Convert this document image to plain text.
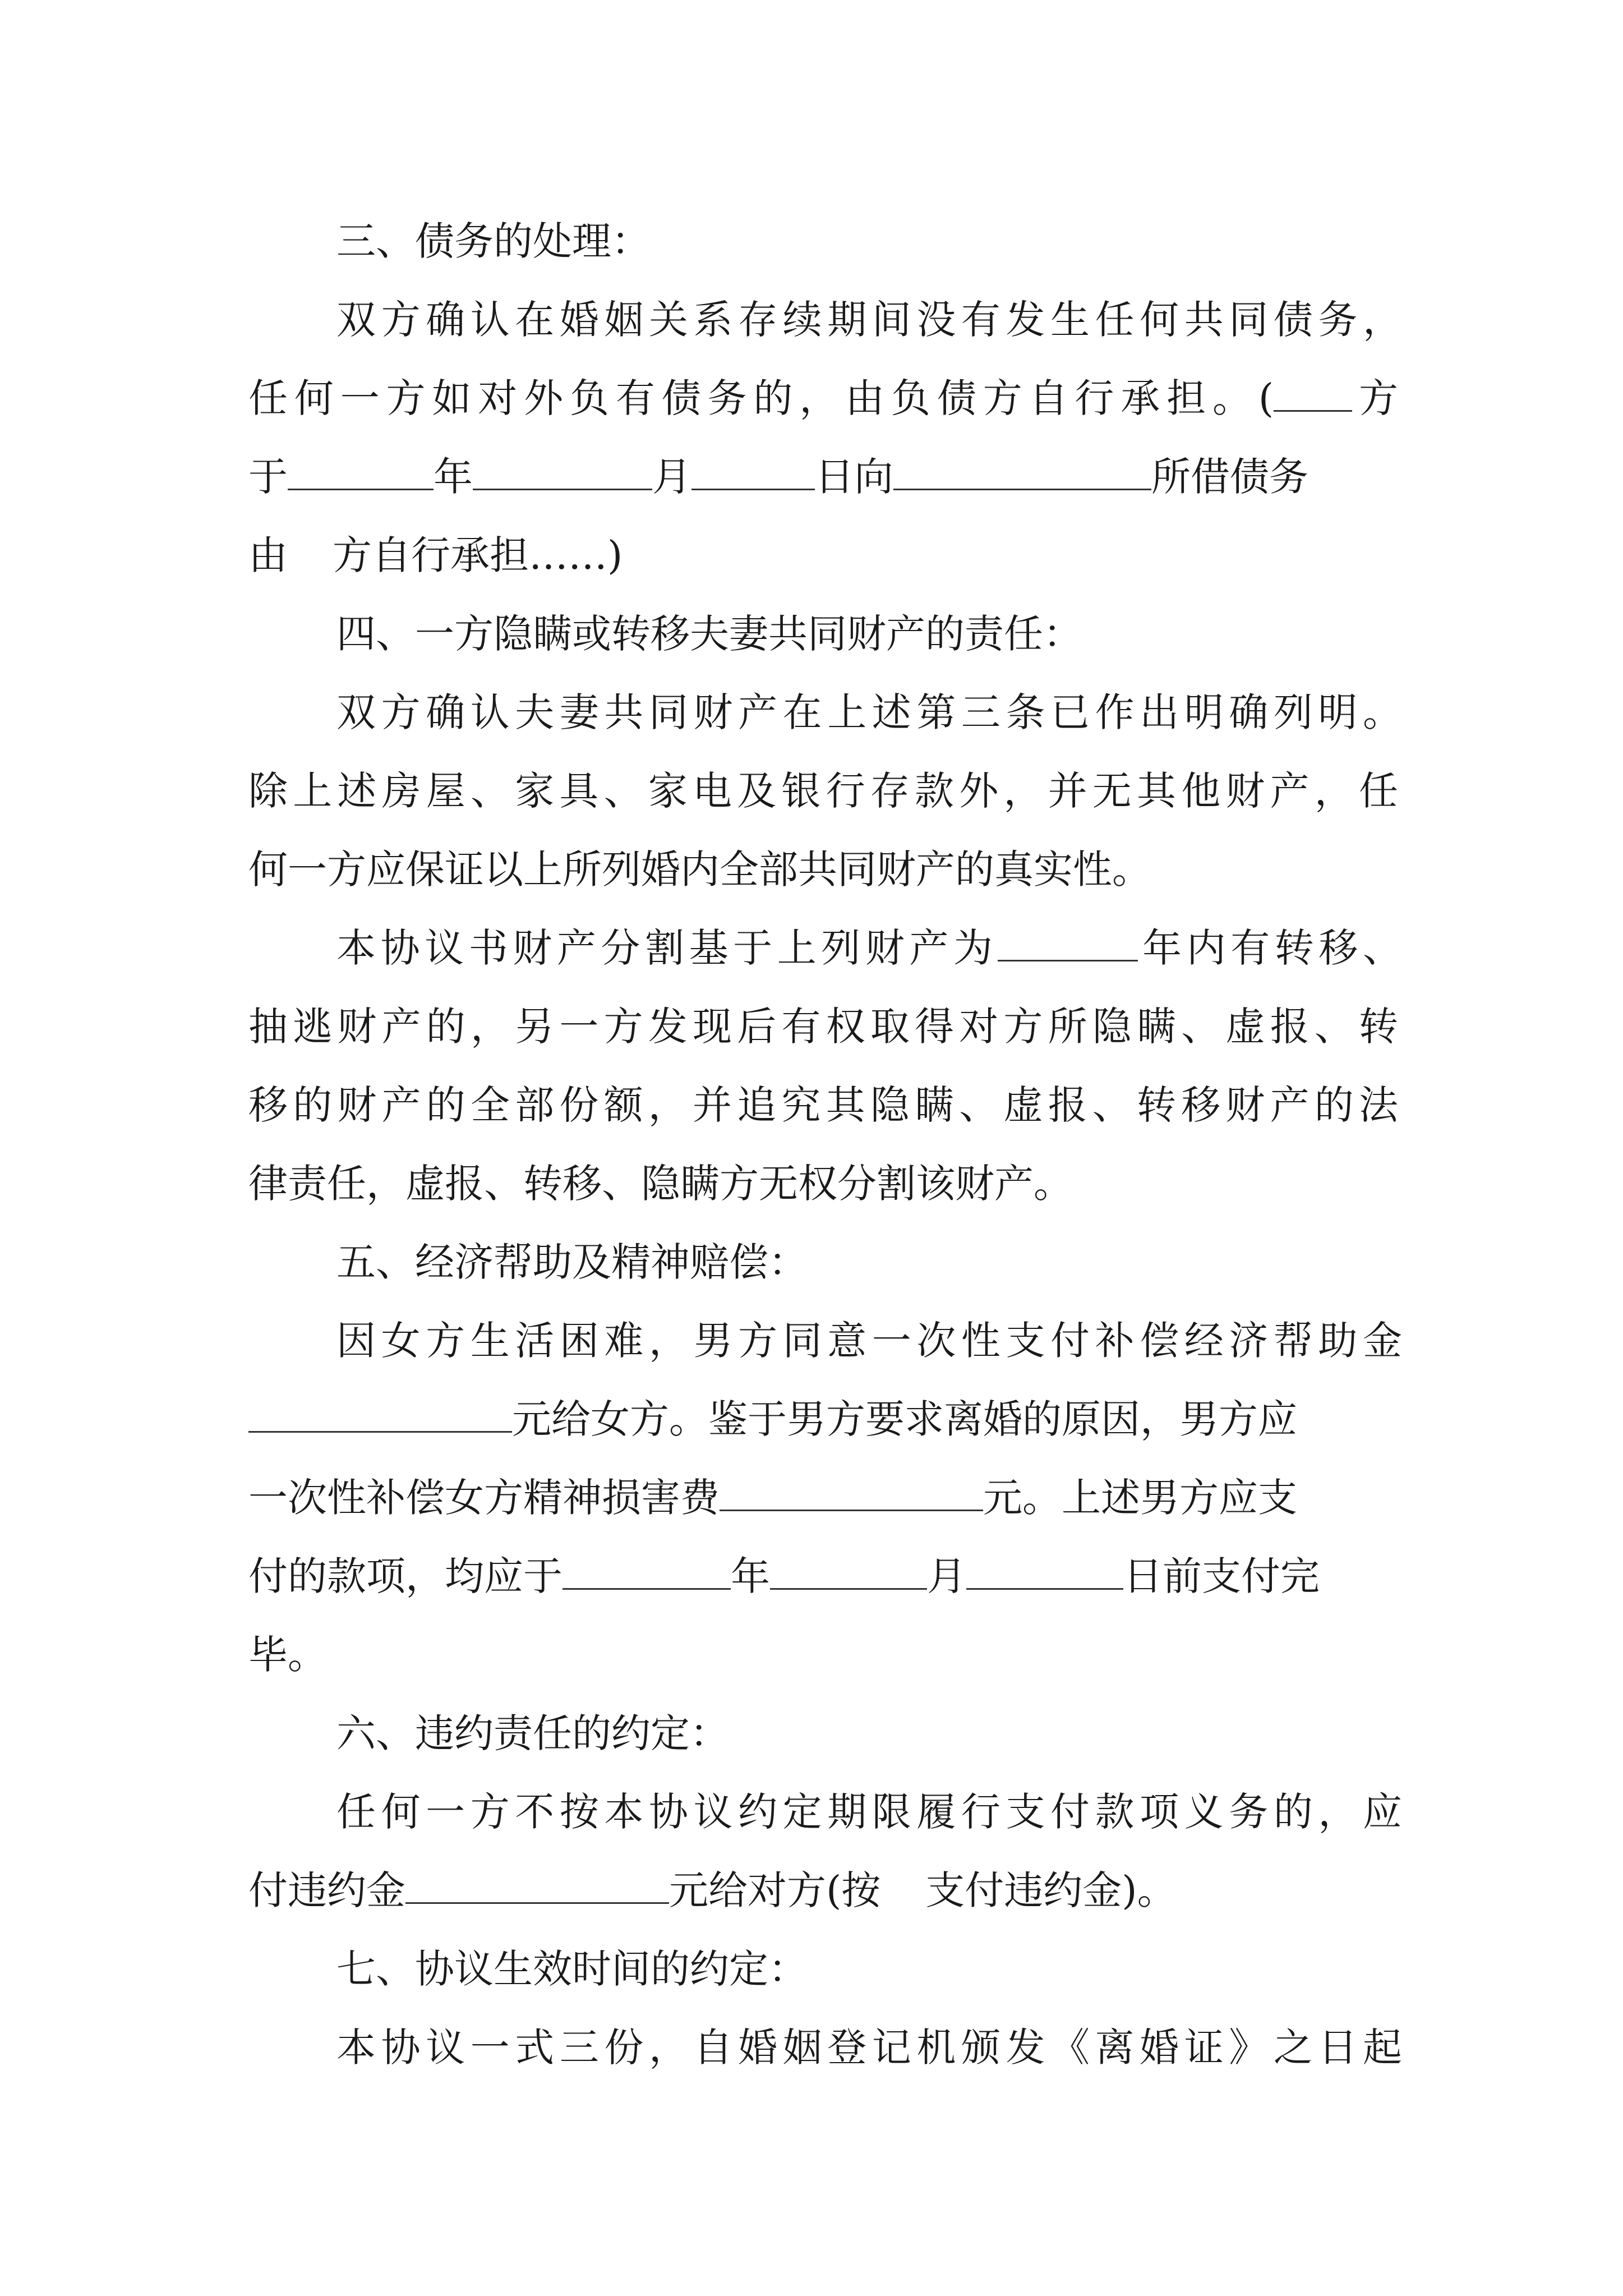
三、债务的处理：
双方确认在婚姻关系存续期间没有发生任何共同债务，
任何一方如对外负有债务的，由负债方自行承担。( 方
于	年	月	日向	所借债务
由 方自行承担……)
四、一方隐瞒或转移夫妻共同财产的责任：
双方确认夫妻共同财产在上述第三条已作出明确列明。
除上述房屋、家具、家电及银行存款外，并无其他财产，任
何一方应保证以上所列婚内全部共同财产的真实性。
本协议书财产分割基于上列财产为	年内有转移、
抽逃财产的，另一方发现后有权取得对方所隐瞒、虚报、转
移的财产的全部份额，并追究其隐瞒、虚报、转移财产的法
律责任，虚报、转移、隐瞒方无权分割该财产。
五、经济帮助及精神赔偿：
因女方生活困难，男方同意一次性支付补偿经济帮助金
元给女方。鉴于男方要求离婚的原因，男方应
一次性补偿女方精神损害费	元。上述男方应支
付的款项，均应于	年	月	日前支付完
毕。
六、违约责任的约定：
任何一方不按本协议约定期限履行支付款项义务的，应
付违约金	元给对方(按 支付违约金)。
七、协议生效时间的约定：
本协议一式三份，自婚姻登记机颁发《离婚证》之日起
